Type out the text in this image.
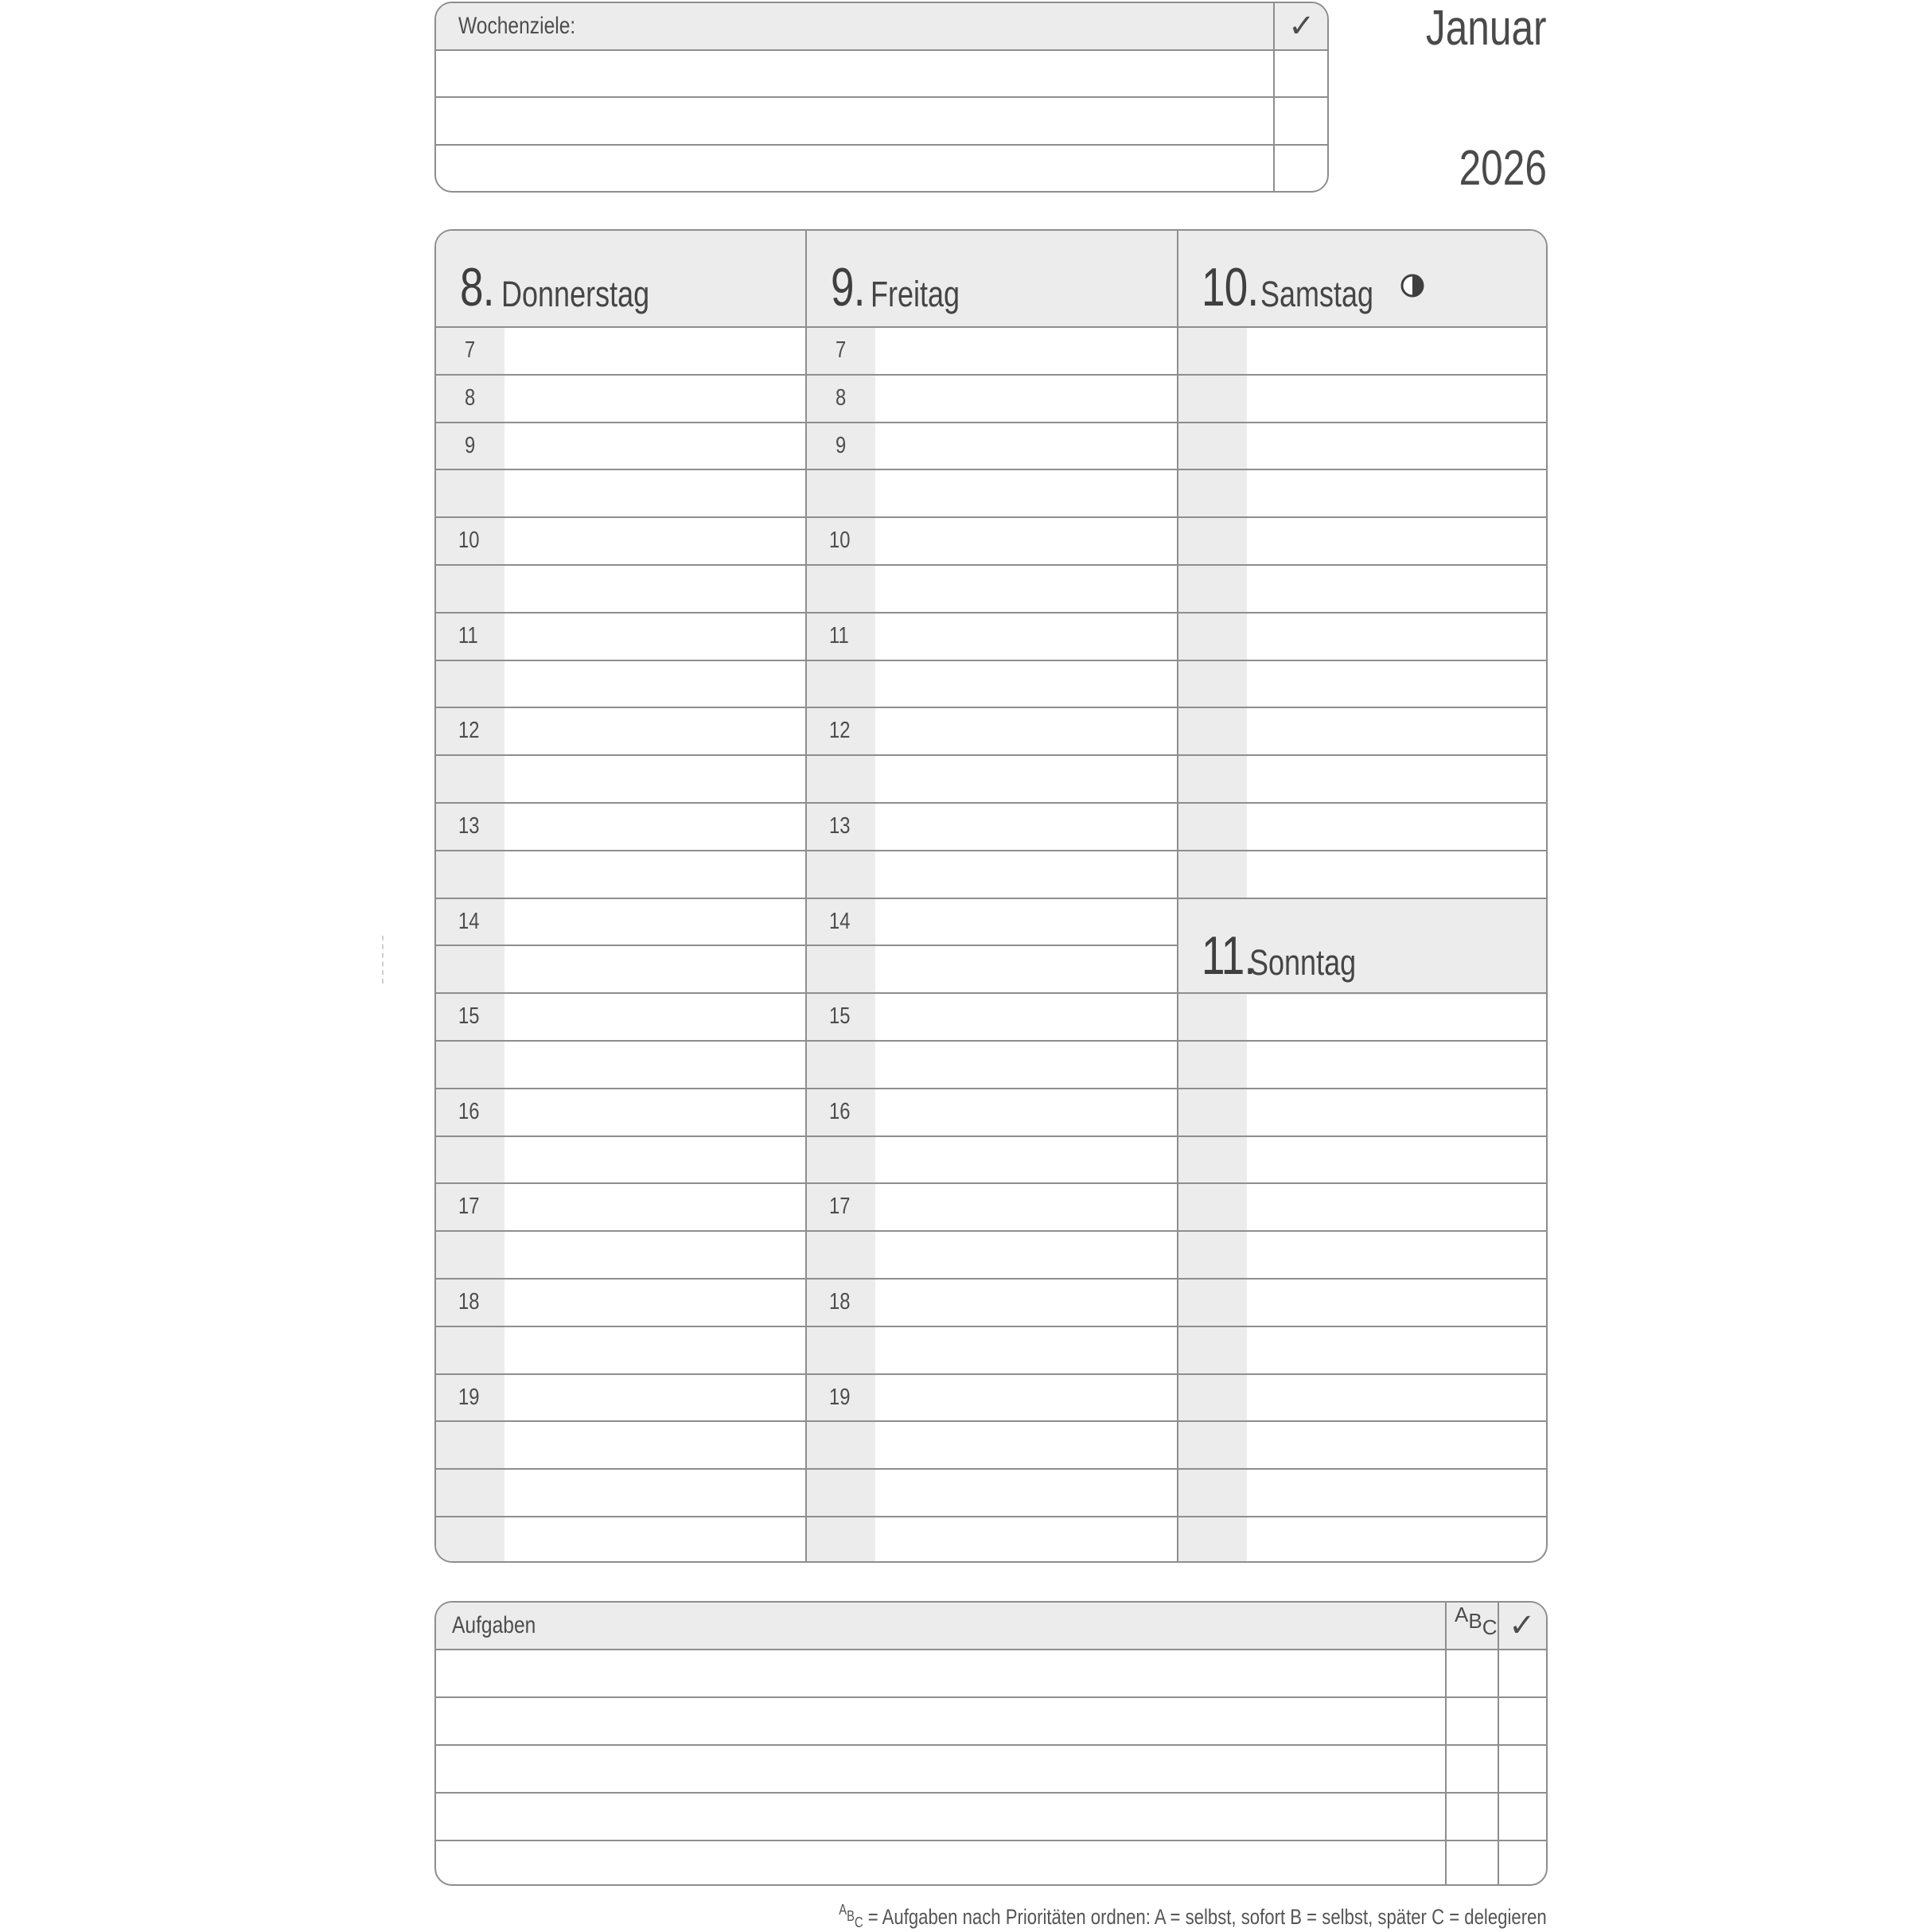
Januar
2026
Wochenziele:	✓
8. Donnerstag	9. Freitag	10. Samstag
11.
Sonntag
7	7
8	8
9	9
10	10
11	11
12	12
13	13
14	14
15	15
16	16
17	17
18	18
19	19
Aufgaben	ABC ✓
$^A$BC = Aufgaben nach Prioritäten ordnen: A = selbst, sofort B = selbst, später C = delegieren
